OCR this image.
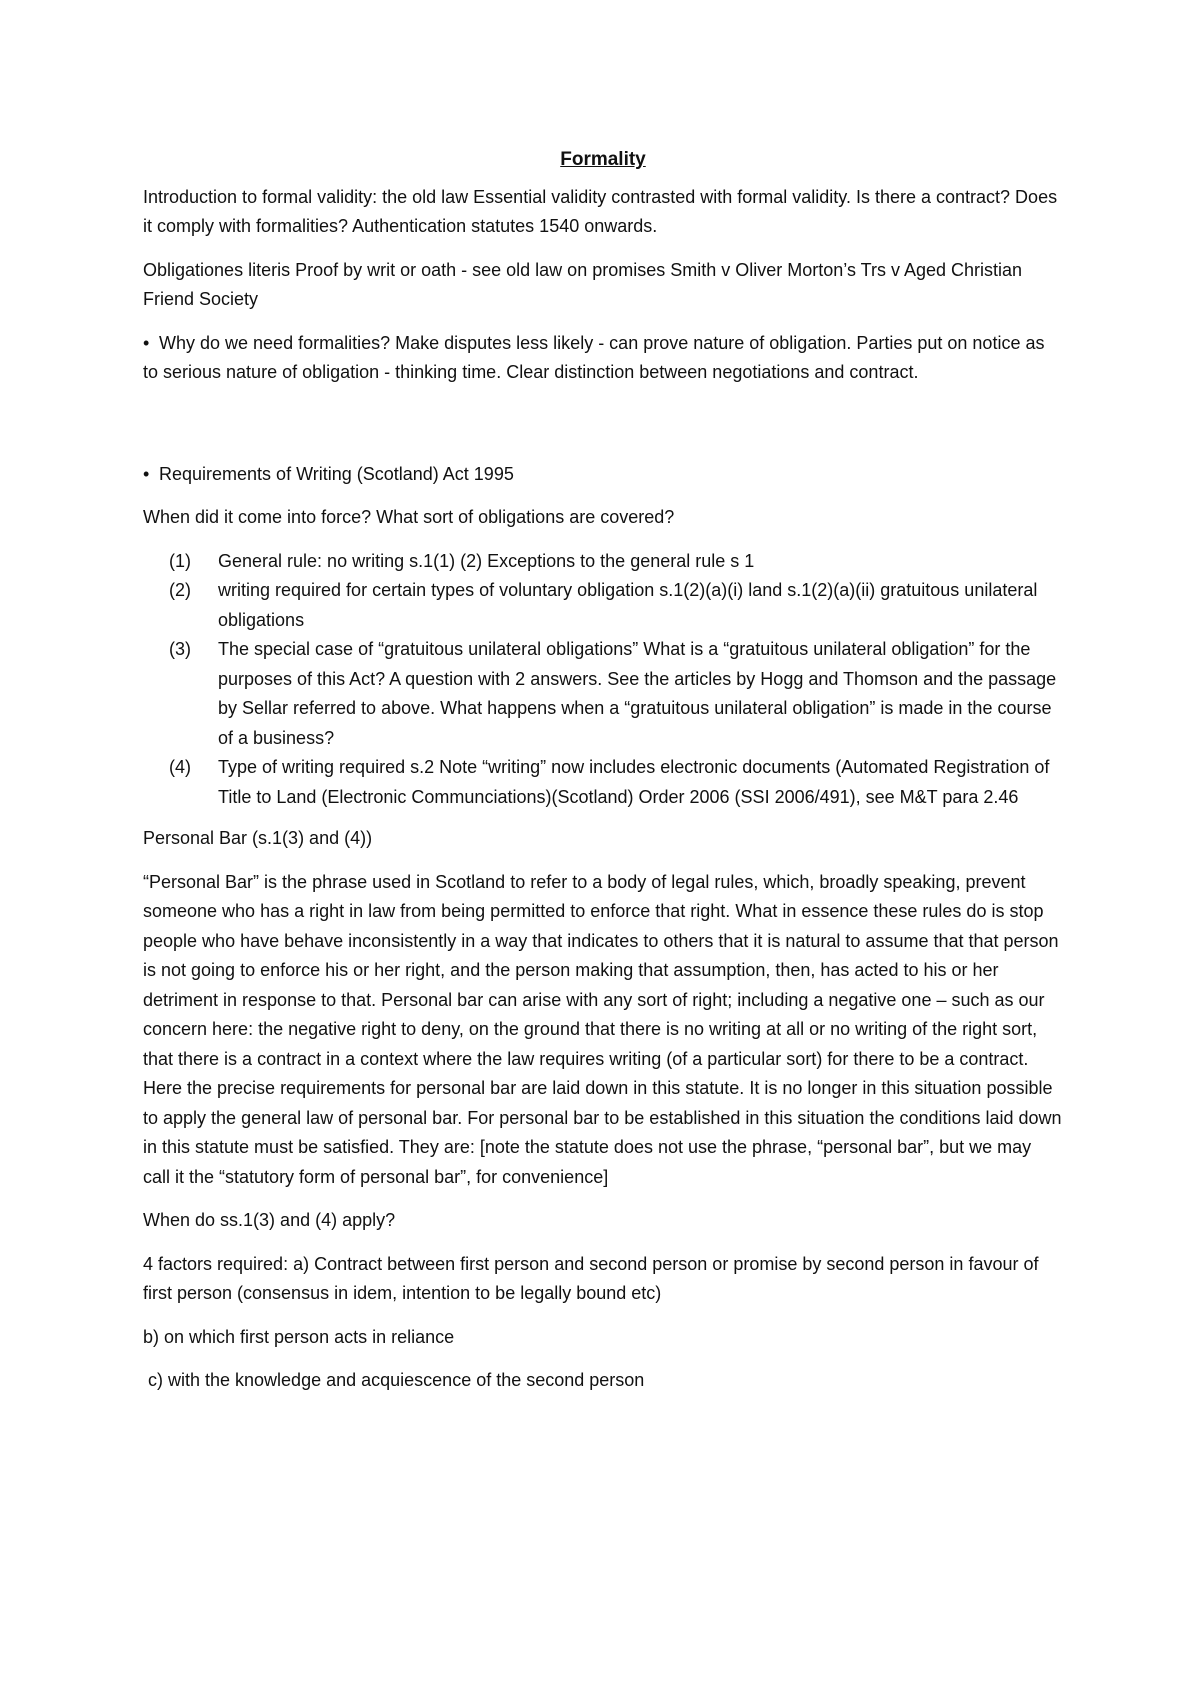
Formality

Introduction to formal validity: the old law Essential validity contrasted with formal validity. Is there a contract? Does it comply with formalities? Authentication statutes 1540 onwards.

Obligationes literis Proof by writ or oath - see old law on promises Smith v Oliver Morton’s Trs v Aged Christian Friend Society

• Why do we need formalities? Make disputes less likely - can prove nature of obligation. Parties put on notice as to serious nature of obligation - thinking time. Clear distinction between negotiations and contract.

• Requirements of Writing (Scotland) Act 1995

When did it come into force? What sort of obligations are covered?

(1) General rule: no writing s.1(1) (2) Exceptions to the general rule s 1
(2) writing required for certain types of voluntary obligation s.1(2)(a)(i) land s.1(2)(a)(ii) gratuitous unilateral obligations
(3) The special case of “gratuitous unilateral obligations” What is a “gratuitous unilateral obligation” for the purposes of this Act? A question with 2 answers. See the articles by Hogg and Thomson and the passage by Sellar referred to above. What happens when a “gratuitous unilateral obligation” is made in the course of a business?
(4) Type of writing required s.2 Note “writing” now includes electronic documents (Automated Registration of Title to Land (Electronic Communciations)(Scotland) Order 2006 (SSI 2006/491), see M&T para 2.46

Personal Bar (s.1(3) and (4))

“Personal Bar” is the phrase used in Scotland to refer to a body of legal rules, which, broadly speaking, prevent someone who has a right in law from being permitted to enforce that right. What in essence these rules do is stop people who have behave inconsistently in a way that indicates to others that it is natural to assume that that person is not going to enforce his or her right, and the person making that assumption, then, has acted to his or her detriment in response to that. Personal bar can arise with any sort of right; including a negative one – such as our concern here: the negative right to deny, on the ground that there is no writing at all or no writing of the right sort, that there is a contract in a context where the law requires writing (of a particular sort) for there to be a contract. Here the precise requirements for personal bar are laid down in this statute. It is no longer in this situation possible to apply the general law of personal bar. For personal bar to be established in this situation the conditions laid down in this statute must be satisfied. They are: [note the statute does not use the phrase, “personal bar”, but we may call it the “statutory form of personal bar”, for convenience]

When do ss.1(3) and (4) apply?

4 factors required: a) Contract between first person and second person or promise by second person in favour of first person (consensus in idem, intention to be legally bound etc)

b) on which first person acts in reliance

c) with the knowledge and acquiescence of the second person
